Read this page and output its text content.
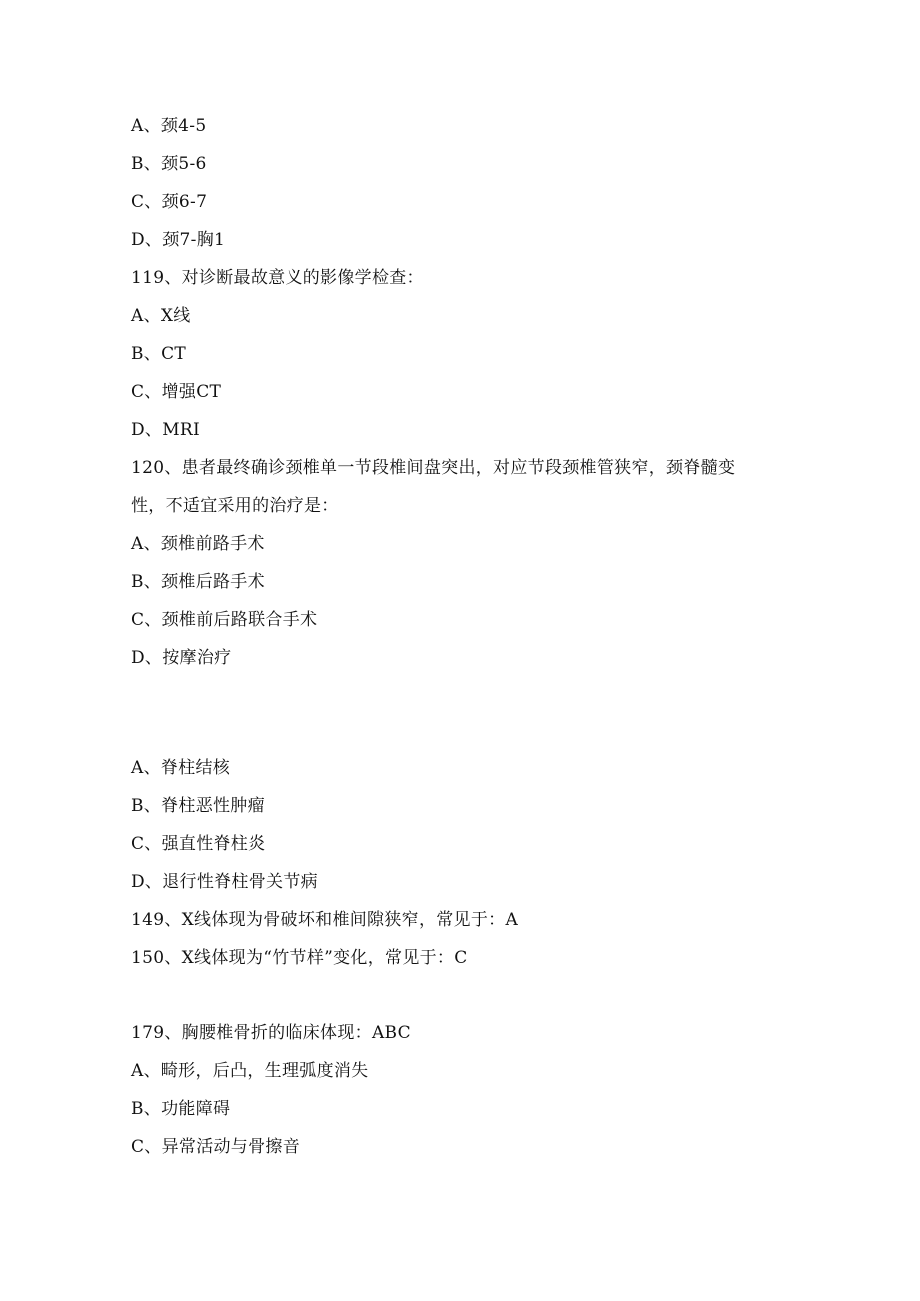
A、颈4-5
B、颈5-6
C、颈6-7
D、颈7-胸1
119、对诊断最故意义的影像学检查：
A、X线
B、CT
C、增强CT
D、MRI
120、患者最终确诊颈椎单一节段椎间盘突出，对应节段颈椎管狭窄，颈脊髓变
性，不适宜采用的治疗是：
A、颈椎前路手术
B、颈椎后路手术
C、颈椎前后路联合手术
D、按摩治疗
A、脊柱结核
B、脊柱恶性肿瘤
C、强直性脊柱炎
D、退行性脊柱骨关节病
149、X线体现为骨破坏和椎间隙狭窄，常见于：A
150、X线体现为“竹节样”变化，常见于：C
179、胸腰椎骨折的临床体现：ABC
A、畸形，后凸，生理弧度消失
B、功能障碍
C、异常活动与骨擦音
